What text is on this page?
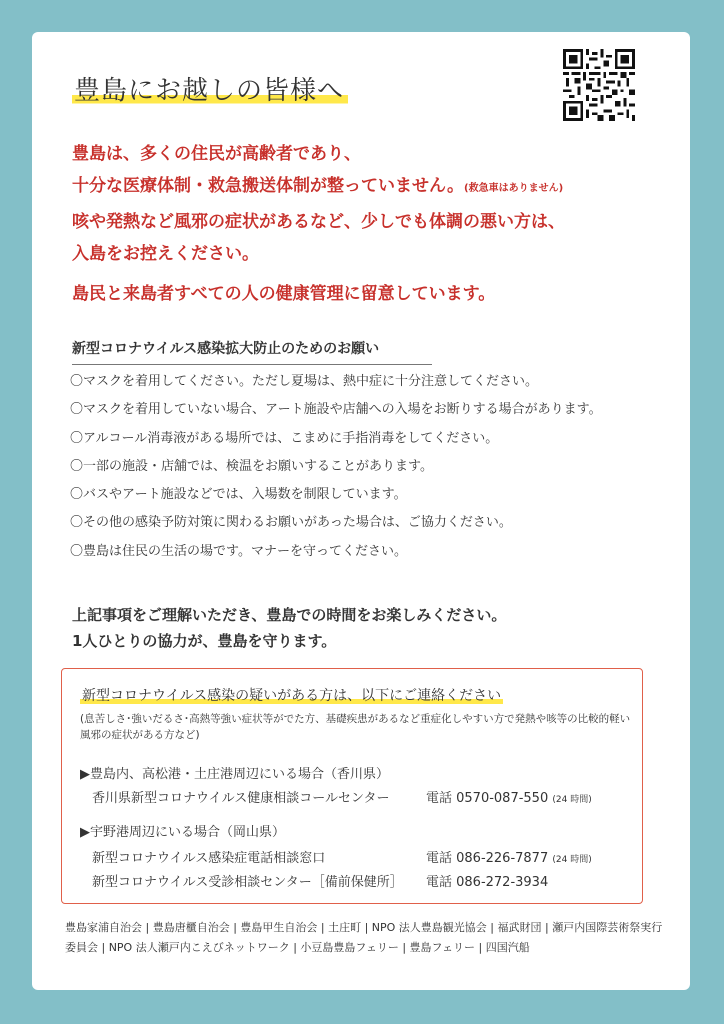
豊島にお越しの皆様へ
豊島は、多くの住民が高齢者であり、
十分な医療体制・救急搬送体制が整っていません。(救急車はありません)
咳や発熱など風邪の症状があるなど、少しでも体調の悪い方は、
入島をお控えください。
島民と来島者すべての人の健康管理に留意しています。
新型コロナウイルス感染拡大防止のためのお願い
〇マスクを着用してください。ただし夏場は、熱中症に十分注意してください。
〇マスクを着用していない場合、アート施設や店舗への入場をお断りする場合があります。
〇アルコール消毒液がある場所では、こまめに手指消毒をしてください。
〇一部の施設・店舗では、検温をお願いすることがあります。
〇バスやアート施設などでは、入場数を制限しています。
〇その他の感染予防対策に関わるお願いがあった場合は、ご協力ください。
〇豊島は住民の生活の場です。マナーを守ってください。
上記事項をご理解いただき、豊島での時間をお楽しみください。
1人ひとりの協力が、豊島を守ります。
新型コロナウイルス感染の疑いがある方は、以下にご連絡ください
(息苦しさ･強いだるさ･高熱等強い症状等がでた方、基礎疾患があるなど重症化しやすい方で発熱や咳等の比較的軽い風邪の症状がある方など)
▶豊島内、高松港・土庄港周辺にいる場合（香川県）
香川県新型コロナウイルス健康相談コールセンター	電話 0570-087-550 (24 時間)
▶宇野港周辺にいる場合（岡山県）
新型コロナウイルス感染症電話相談窓口	電話 086-226-7877 (24 時間)
新型コロナウイルス受診相談センター［備前保健所］ 電話 086-272-3934
豊島家浦自治会 | 豊島唐櫃自治会 | 豊島甲生自治会 | 土庄町 | NPO 法人豊島観光協会 | 福武財団 | 瀬戸内国際芸術祭実行委員会 | NPO 法人瀬戸内こえびネットワーク | 小豆島豊島フェリー | 豊島フェリー | 四国汽船
